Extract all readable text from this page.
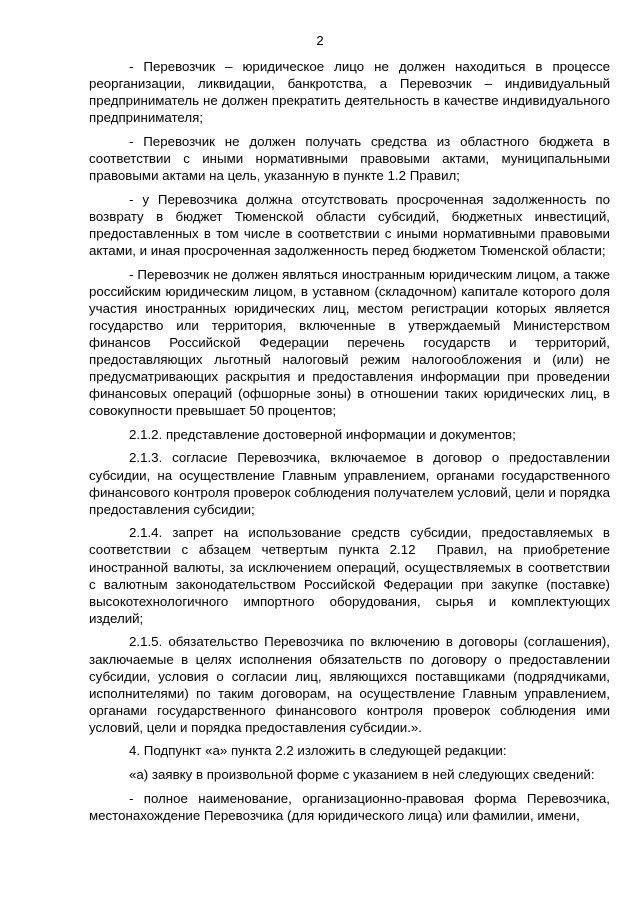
2

- Перевозчик – юридическое лицо не должен находиться в процессе реорганизации, ликвидации, банкротства, а Перевозчик – индивидуальный предприниматель не должен прекратить деятельность в качестве индивидуального предпринимателя;

- Перевозчик не должен получать средства из областного бюджета в соответствии с иными нормативными правовыми актами, муниципальными правовыми актами на цель, указанную в пункте 1.2 Правил;

- у Перевозчика должна отсутствовать просроченная задолженность по возврату в бюджет Тюменской области субсидий, бюджетных инвестиций, предоставленных в том числе в соответствии с иными нормативными правовыми актами, и иная просроченная задолженность перед бюджетом Тюменской области;

- Перевозчик не должен являться иностранным юридическим лицом, а также российским юридическим лицом, в уставном (складочном) капитале которого доля участия иностранных юридических лиц, местом регистрации которых является государство или территория, включенные в утверждаемый Министерством финансов Российской Федерации перечень государств и территорий, предоставляющих льготный налоговый режим налогообложения и (или) не предусматривающих раскрытия и предоставления информации при проведении финансовых операций (офшорные зоны) в отношении таких юридических лиц, в совокупности превышает 50 процентов;

2.1.2. представление достоверной информации и документов;

2.1.3. согласие Перевозчика, включаемое в договор о предоставлении субсидии, на осуществление Главным управлением, органами государственного финансового контроля проверок соблюдения получателем условий, цели и порядка предоставления субсидии;

2.1.4. запрет на использование средств субсидии, предоставляемых в соответствии с абзацем четвертым пункта 2.12  Правил, на приобретение иностранной валюты, за исключением операций, осуществляемых в соответствии с валютным законодательством Российской Федерации при закупке (поставке) высокотехнологичного импортного оборудования, сырья и комплектующих изделий;

2.1.5. обязательство Перевозчика по включению в договоры (соглашения), заключаемые в целях исполнения обязательств по договору о предоставлении субсидии, условия о согласии лиц, являющихся поставщиками (подрядчиками, исполнителями) по таким договорам, на осуществление Главным управлением, органами государственного финансового контроля проверок соблюдения ими условий, цели и порядка предоставления субсидии.».

4. Подпункт «а» пункта 2.2 изложить в следующей редакции:

«а) заявку в произвольной форме с указанием в ней следующих сведений:

- полное наименование, организационно-правовая форма Перевозчика, местонахождение Перевозчика (для юридического лица) или фамилии, имени,
